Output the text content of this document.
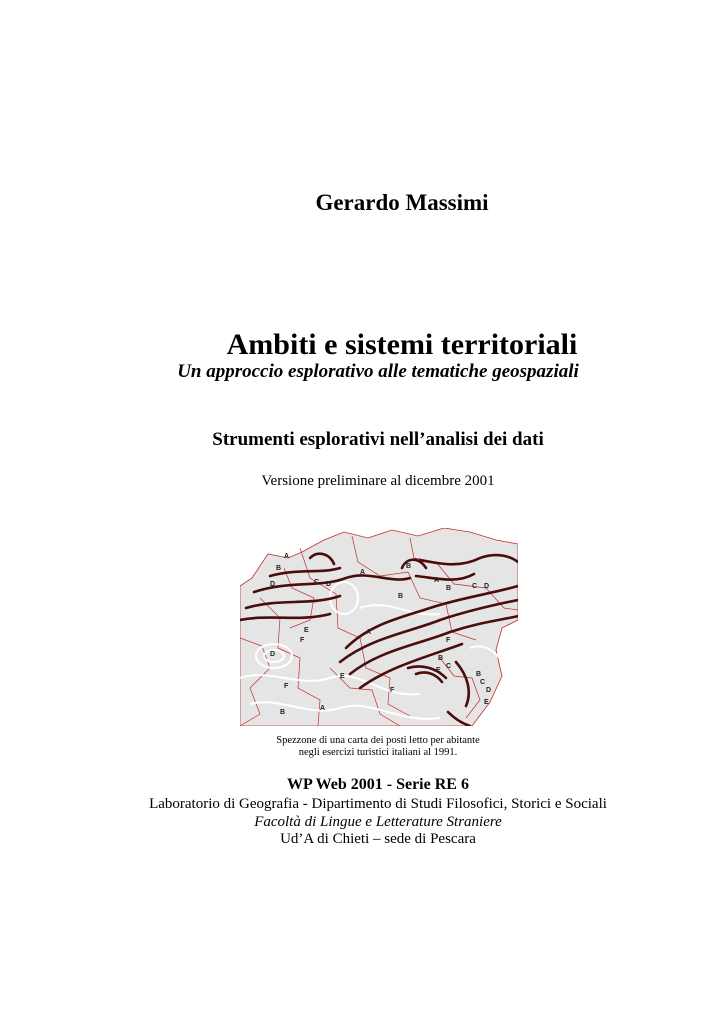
Gerardo Massimi
Ambiti e sistemi territoriali
Un approccio esplorativo alle tematiche geospaziali
Strumenti esplorativi nell’analisi dei dati
Versione preliminare al dicembre 2001
A
B
D	C D
A
B
A
B	C D
B
E
F
A
F
D
E
B
C
B
C
D
E
F
F
B
A
E
Spezzone di una carta dei posti letto per abitante
negli esercizi turistici italiani al 1991.
WP Web 2001 - Serie RE 6
Laboratorio di Geografia - Dipartimento di Studi Filosofici, Storici e Sociali
Facoltà di Lingue e Letterature Straniere
Ud’A di Chieti – sede di Pescara
